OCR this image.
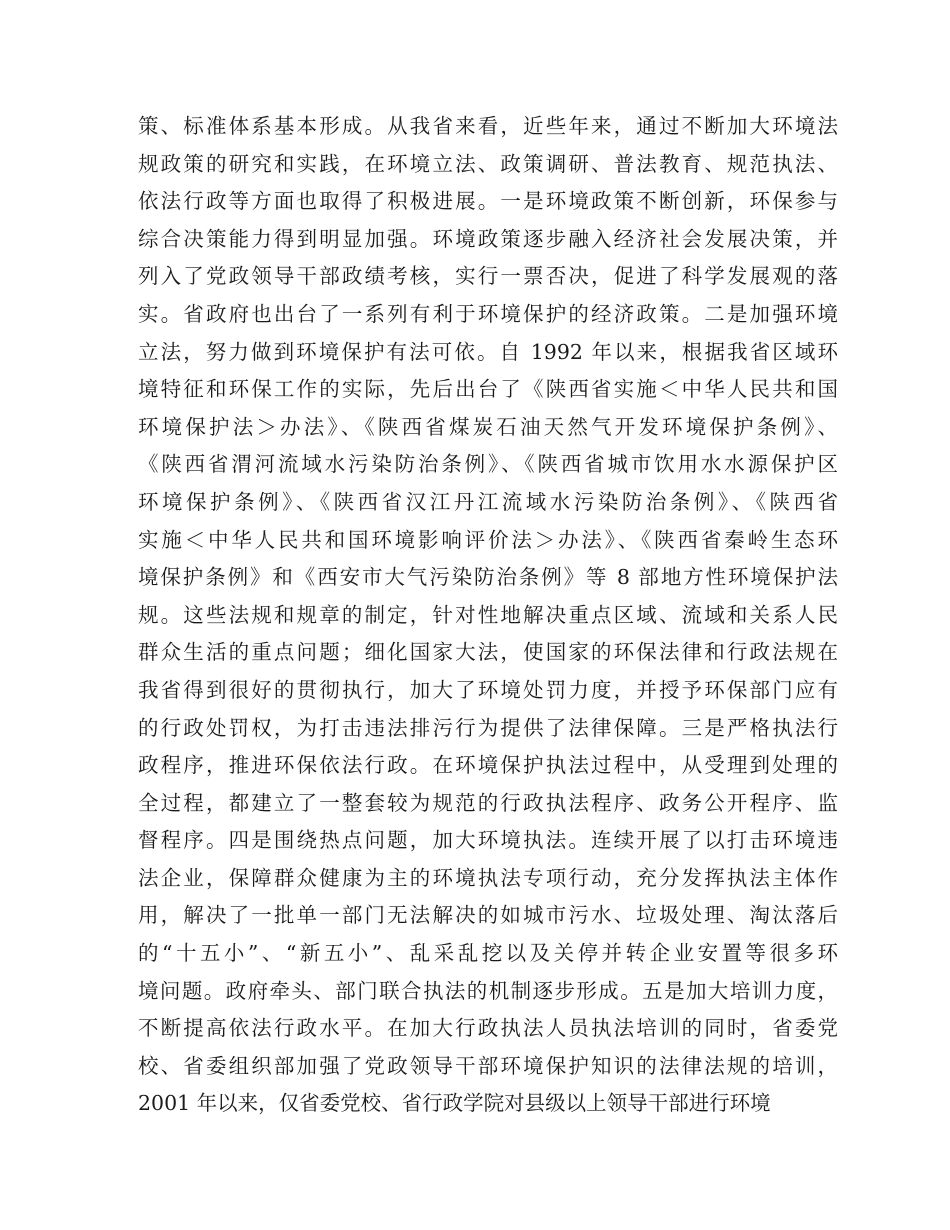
策、标准体系基本形成。从我省来看，近些年来，通过不断加大环境法
规政策的研究和实践，在环境立法、政策调研、普法教育、规范执法、
依法行政等方面也取得了积极进展。一是环境政策不断创新，环保参与
综合决策能力得到明显加强。环境政策逐步融入经济社会发展决策，并
列入了党政领导干部政绩考核，实行一票否决，促进了科学发展观的落
实。省政府也出台了一系列有利于环境保护的经济政策。二是加强环境
立法，努力做到环境保护有法可依。自 1992 年以来，根据我省区域环
境特征和环保工作的实际，先后出台了《陕西省实施＜中华人民共和国
环境保护法＞办法》、《陕西省煤炭石油天然气开发环境保护条例》、
《陕西省渭河流域水污染防治条例》、《陕西省城市饮用水水源保护区
环境保护条例》、《陕西省汉江丹江流域水污染防治条例》、《陕西省
实施＜中华人民共和国环境影响评价法＞办法》、《陕西省秦岭生态环
境保护条例》和《西安市大气污染防治条例》等 8 部地方性环境保护法
规。这些法规和规章的制定，针对性地解决重点区域、流域和关系人民
群众生活的重点问题；细化国家大法，使国家的环保法律和行政法规在
我省得到很好的贯彻执行，加大了环境处罚力度，并授予环保部门应有
的行政处罚权，为打击违法排污行为提供了法律保障。三是严格执法行
政程序，推进环保依法行政。在环境保护执法过程中，从受理到处理的
全过程，都建立了一整套较为规范的行政执法程序、政务公开程序、监
督程序。四是围绕热点问题，加大环境执法。连续开展了以打击环境违
法企业，保障群众健康为主的环境执法专项行动，充分发挥执法主体作
用，解决了一批单一部门无法解决的如城市污水、垃圾处理、淘汰落后
的“十五小”、“新五小”、乱采乱挖以及关停并转企业安置等很多环
境问题。政府牵头、部门联合执法的机制逐步形成。五是加大培训力度，
不断提高依法行政水平。在加大行政执法人员执法培训的同时，省委党
校、省委组织部加强了党政领导干部环境保护知识的法律法规的培训，
2001 年以来，仅省委党校、省行政学院对县级以上领导干部进行环境
